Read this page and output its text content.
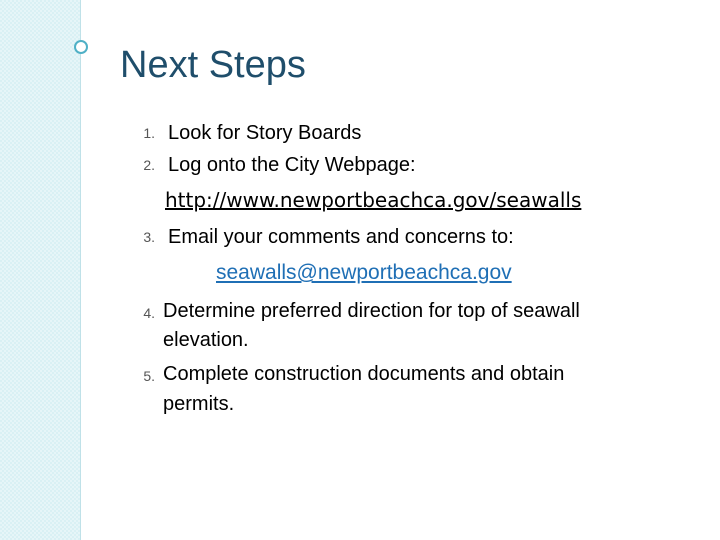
Next Steps
1. Look for Story Boards
2. Log onto the City Webpage:
http://www.newportbeachca.gov/seawalls
3. Email your comments and concerns to:
seawalls@newportbeachca.gov
4. Determine preferred direction for top of seawall
elevation.
5. Complete construction documents and obtain
permits.
